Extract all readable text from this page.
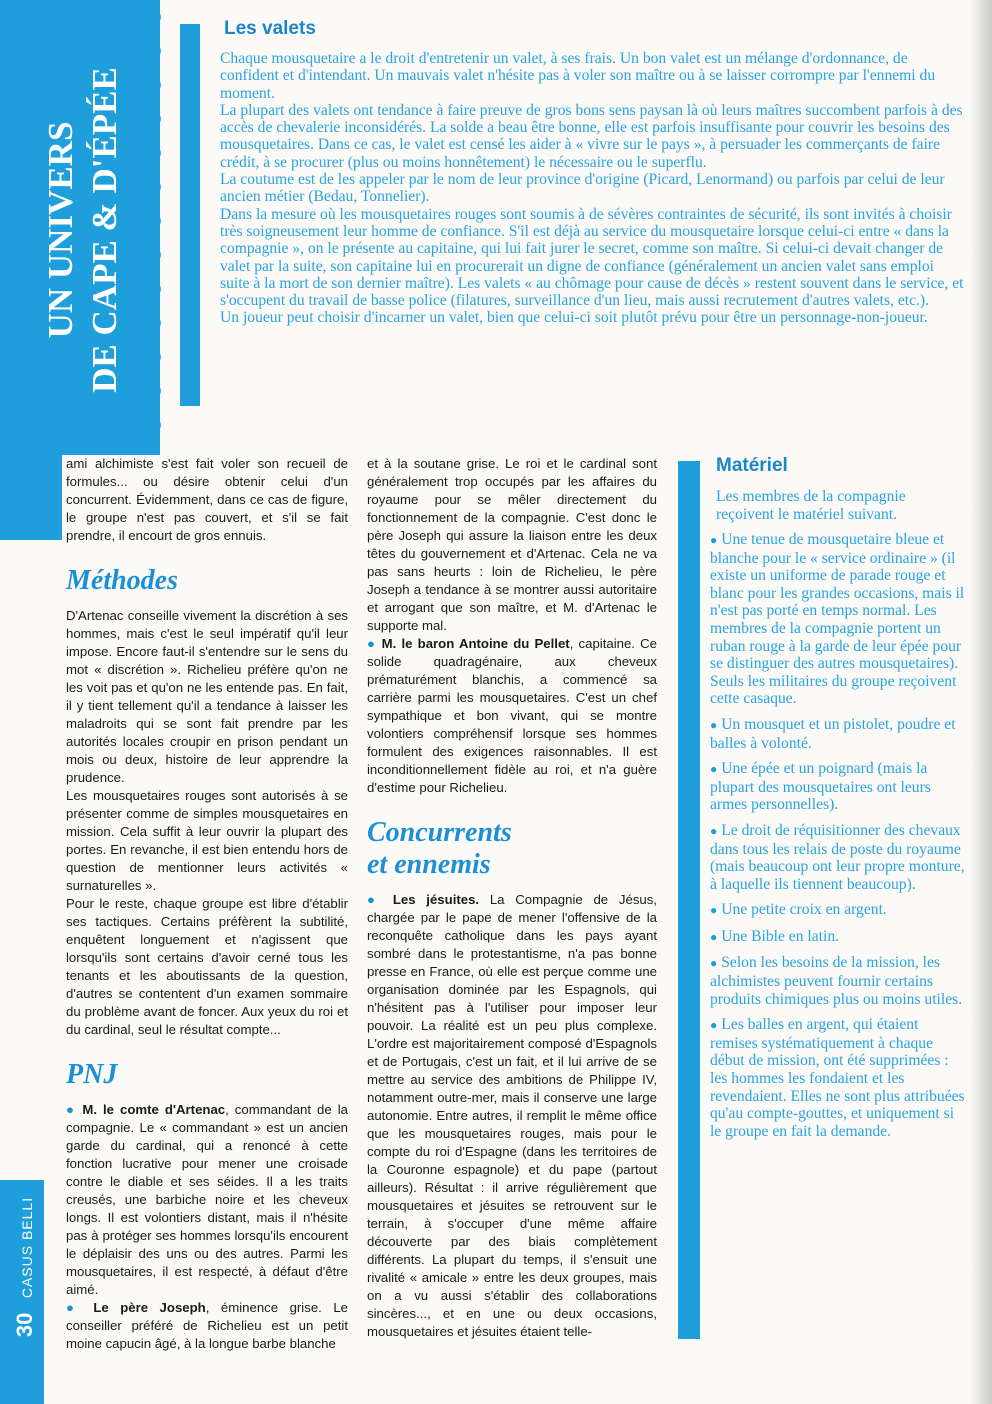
UN UNIVERS DE CAPE & D'ÉPÉE
30 CASUS BELLI
Les valets

Chaque mousquetaire a le droit d'entretenir un valet, à ses frais. Un bon valet est un mélange d'ordonnance, de confident et d'intendant. Un mauvais valet n'hésite pas à voler son maître ou à se laisser corrompre par l'ennemi du moment.

La plupart des valets ont tendance à faire preuve de gros bons sens paysan là où leurs maîtres succombent parfois à des accès de chevalerie inconsidérés. La solde a beau être bonne, elle est parfois insuffisante pour couvrir les besoins des mousquetaires. Dans ce cas, le valet est censé les aider à « vivre sur le pays », à persuader les commerçants de faire crédit, à se procurer (plus ou moins honnêtement) le nécessaire ou le superflu.

La coutume est de les appeler par le nom de leur province d'origine (Picard, Lenormand) ou parfois par celui de leur ancien métier (Bedau, Tonnelier).

Dans la mesure où les mousquetaires rouges sont soumis à de sévères contraintes de sécurité, ils sont invités à choisir très soigneusement leur homme de confiance. S'il est déjà au service du mousquetaire lorsque celui-ci entre « dans la compagnie », on le présente au capitaine, qui lui fait jurer le secret, comme son maître. Si celui-ci devait changer de valet par la suite, son capitaine lui en procurerait un digne de confiance (généralement un ancien valet sans emploi suite à la mort de son dernier maître). Les valets « au chômage pour cause de décès » restent souvent dans le service, et s'occupent du travail de basse police (filatures, surveillance d'un lieu, mais aussi recrutement d'autres valets, etc.).

Un joueur peut choisir d'incarner un valet, bien que celui-ci soit plutôt prévu pour être un personnage-non-joueur.

ami alchimiste s'est fait voler son recueil de formules... ou désire obtenir celui d'un concurrent. Évidemment, dans ce cas de figure, le groupe n'est pas couvert, et s'il se fait prendre, il encourt de gros ennuis.

Méthodes

D'Artenac conseille vivement la discrétion à ses hommes, mais c'est le seul impératif qu'il leur impose. Encore faut-il s'entendre sur le sens du mot « discrétion ». Richelieu préfère qu'on ne les voit pas et qu'on ne les entende pas. En fait, il y tient tellement qu'il a tendance à laisser les maladroits qui se sont fait prendre par les autorités locales croupir en prison pendant un mois ou deux, histoire de leur apprendre la prudence.

Les mousquetaires rouges sont autorisés à se présenter comme de simples mousquetaires en mission. Cela suffit à leur ouvrir la plupart des portes. En revanche, il est bien entendu hors de question de mentionner leurs activités « surnaturelles ».

Pour le reste, chaque groupe est libre d'établir ses tactiques. Certains préfèrent la subtilité, enquêtent longuement et n'agissent que lorsqu'ils sont certains d'avoir cerné tous les tenants et les aboutissants de la question, d'autres se contentent d'un examen sommaire du problème avant de foncer. Aux yeux du roi et du cardinal, seul le résultat compte...

PNJ

● M. le comte d'Artenac, commandant de la compagnie. Le « commandant » est un ancien garde du cardinal, qui a renoncé à cette fonction lucrative pour mener une croisade contre le diable et ses séides. Il a les traits creusés, une barbiche noire et les cheveux longs. Il est volontiers distant, mais il n'hésite pas à protéger ses hommes lorsqu'ils encourent le déplaisir des uns ou des autres. Parmi les mousquetaires, il est respecté, à défaut d'être aimé.

● Le père Joseph, éminence grise. Le conseiller préféré de Richelieu est un petit moine capucin âgé, à la longue barbe blanche

et à la soutane grise. Le roi et le cardinal sont généralement trop occupés par les affaires du royaume pour se mêler directement du fonctionnement de la compagnie. C'est donc le père Joseph qui assure la liaison entre les deux têtes du gouvernement et d'Artenac. Cela ne va pas sans heurts : loin de Richelieu, le père Joseph a tendance à se montrer aussi autoritaire et arrogant que son maître, et M. d'Artenac le supporte mal.

● M. le baron Antoine du Pellet, capitaine. Ce solide quadragénaire, aux cheveux prématurément blanchis, a commencé sa carrière parmi les mousquetaires. C'est un chef sympathique et bon vivant, qui se montre volontiers compréhensif lorsque ses hommes formulent des exigences raisonnables. Il est inconditionnellement fidèle au roi, et n'a guère d'estime pour Richelieu.

Concurrents
et ennemis

● Les jésuites. La Compagnie de Jésus, chargée par le pape de mener l'offensive de la reconquête catholique dans les pays ayant sombré dans le protestantisme, n'a pas bonne presse en France, où elle est perçue comme une organisation dominée par les Espagnols, qui n'hésitent pas à l'utiliser pour imposer leur pouvoir. La réalité est un peu plus complexe. L'ordre est majoritairement composé d'Espagnols et de Portugais, c'est un fait, et il lui arrive de se mettre au service des ambitions de Philippe IV, notamment outre-mer, mais il conserve une large autonomie. Entre autres, il remplit le même office que les mousquetaires rouges, mais pour le compte du roi d'Espagne (dans les territoires de la Couronne espagnole) et du pape (partout ailleurs). Résultat : il arrive régulièrement que mousquetaires et jésuites se retrouvent sur le terrain, à s'occuper d'une même affaire découverte par des biais complètement différents. La plupart du temps, il s'ensuit une rivalité « amicale » entre les deux groupes, mais on a vu aussi s'établir des collaborations sincères..., et en une ou deux occasions, mousquetaires et jésuites étaient telle-

Matériel
Les membres de la compagnie reçoivent le matériel suivant.
● Une tenue de mousquetaire bleue et blanche pour le « service ordinaire » (il existe un uniforme de parade rouge et blanc pour les grandes occasions, mais il n'est pas porté en temps normal. Les membres de la compagnie portent un ruban rouge à la garde de leur épée pour se distinguer des autres mousquetaires). Seuls les militaires du groupe reçoivent cette casaque.
● Un mousquet et un pistolet, poudre et balles à volonté.
● Une épée et un poignard (mais la plupart des mousquetaires ont leurs armes personnelles).
● Le droit de réquisitionner des chevaux dans tous les relais de poste du royaume (mais beaucoup ont leur propre monture, à laquelle ils tiennent beaucoup).
● Une petite croix en argent.
● Une Bible en latin.
● Selon les besoins de la mission, les alchimistes peuvent fournir certains produits chimiques plus ou moins utiles.
● Les balles en argent, qui étaient remises systématiquement à chaque début de mission, ont été supprimées : les hommes les fondaient et les revendaient. Elles ne sont plus attribuées qu'au compte-gouttes, et uniquement si le groupe en fait la demande.
